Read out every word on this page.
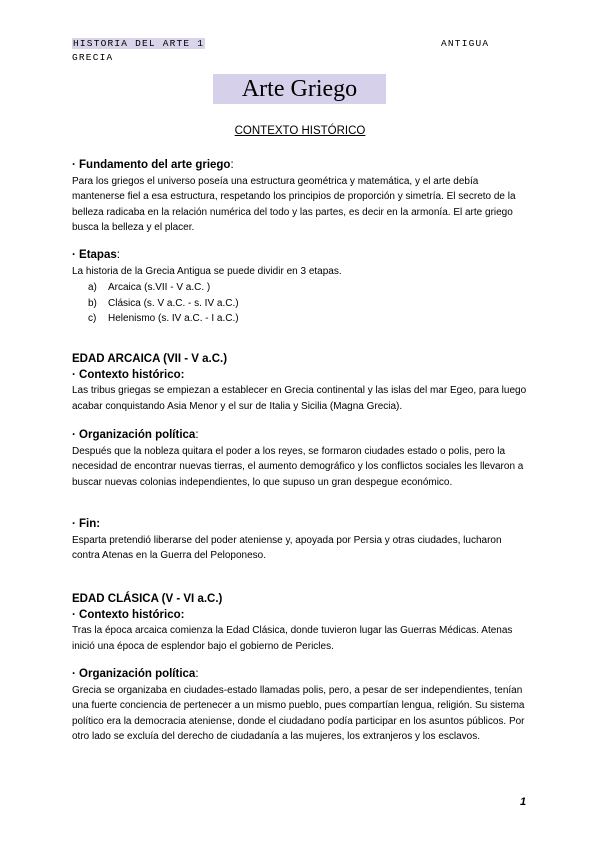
HISTORIA DEL ARTE 1	ANTIGUA
GRECIA
Arte Griego
CONTEXTO HISTÓRICO
· Fundamento del arte griego:

Para los griegos el universo poseía una estructura geométrica y matemática, y el arte debía mantenerse fiel a esa estructura, respetando los principios de proporción y simetría. El secreto de la belleza radicaba en la relación numérica del todo y las partes, es decir en la armonía. El arte griego busca la belleza y el placer.

· Etapas:

La historia de la Grecia Antigua se puede dividir en 3 etapas.

a) Arcaica (s.VII - V a.C. )
b) Clásica (s. V a.C. - s. IV a.C.)
c) Helenismo (s. IV a.C. - I a.C.)
EDAD ARCAICA (VII - V a.C.)
· Contexto histórico:

Las tribus griegas se empiezan a establecer en Grecia continental y las islas del mar Egeo, para luego acabar conquistando Asia Menor y el sur de Italia y Sicilia (Magna Grecia).

· Organización política:

Después que la nobleza quitara el poder a los reyes, se formaron ciudades estado o polis, pero la necesidad de encontrar nuevas tierras, el aumento demográfico y los conflictos sociales les llevaron a buscar nuevas colonias independientes, lo que supuso un gran despegue económico.

· Fin:

Esparta pretendió liberarse del poder ateniense y, apoyada por Persia y otras ciudades, lucharon contra Atenas en la Guerra del Peloponeso.

EDAD CLÁSICA (V - VI a.C.)
· Contexto histórico:

Tras la época arcaica comienza la Edad Clásica, donde tuvieron lugar las Guerras Médicas. Atenas inició una época de esplendor bajo el gobierno de Pericles.

· Organización política:

Grecia se organizaba en ciudades-estado llamadas polis, pero, a pesar de ser independientes, tenían una fuerte conciencia de pertenecer a un mismo pueblo, pues compartían lengua, religión. Su sistema político era la democracia ateniense, donde el ciudadano podía participar en los asuntos públicos. Por otro lado se excluía del derecho de ciudadanía a las mujeres, los extranjeros y los esclavos.

1
